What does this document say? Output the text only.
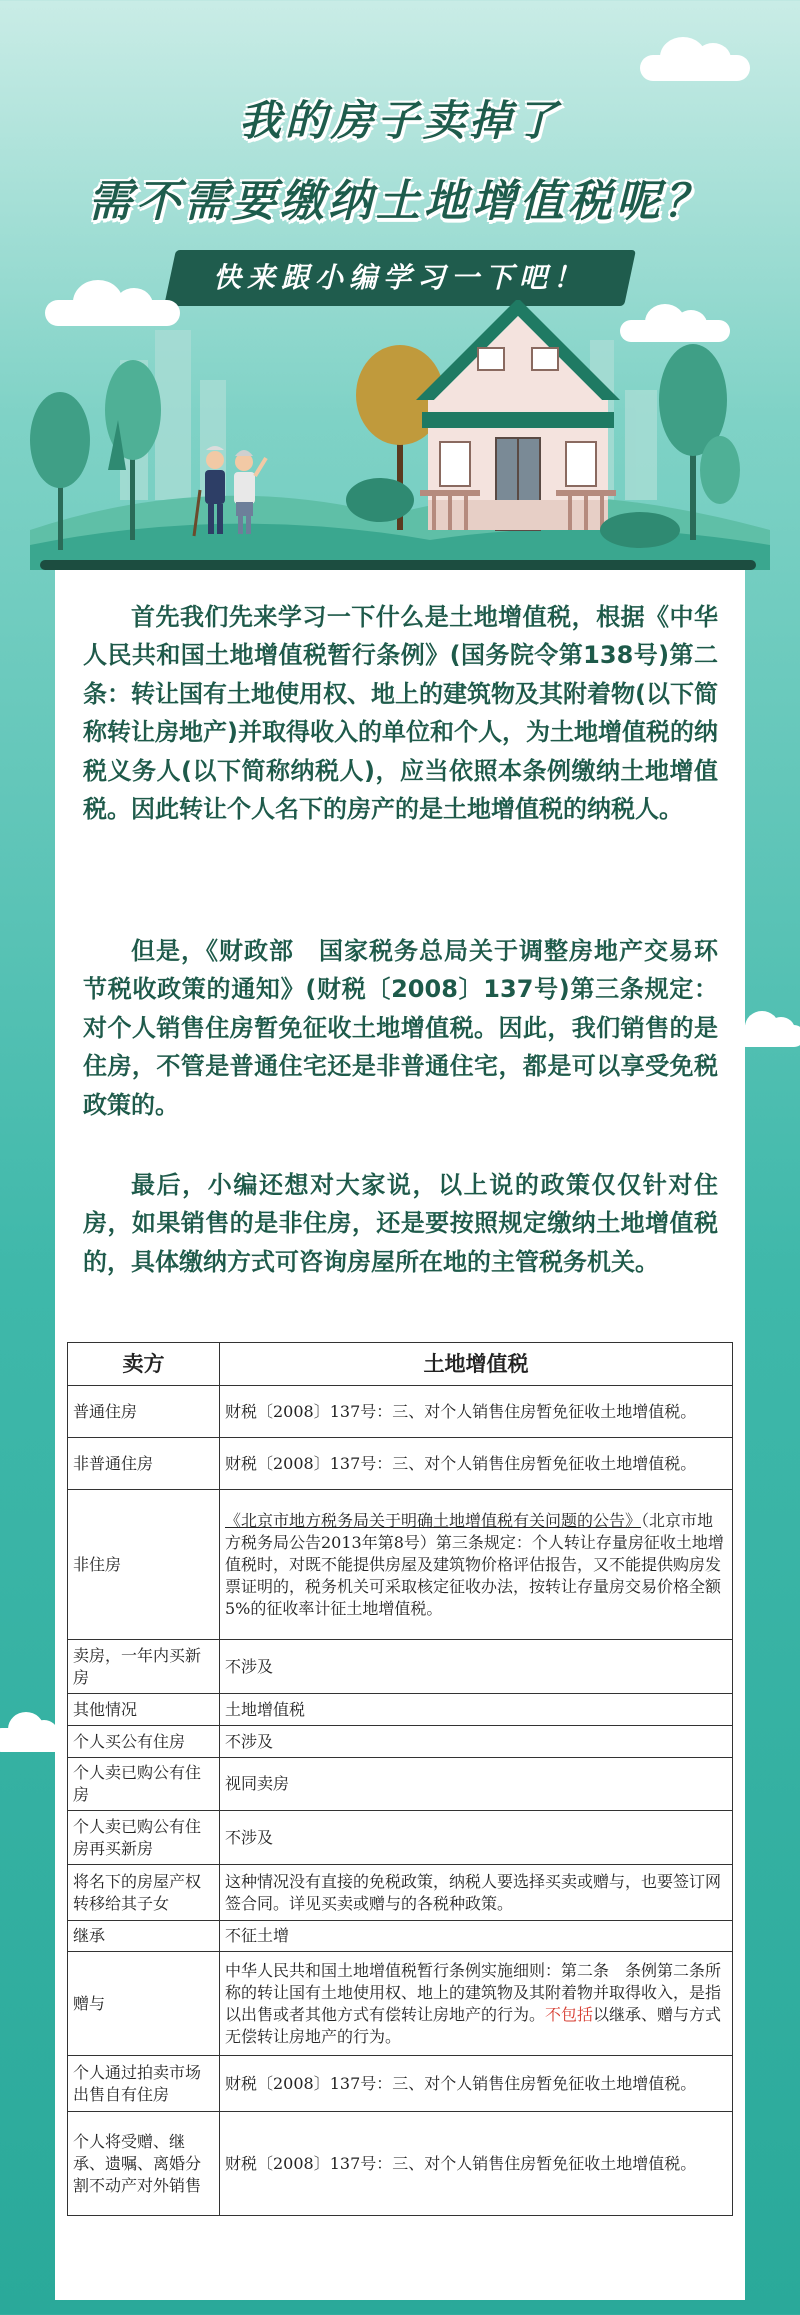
我的房子卖掉了
需不需要缴纳土地增值税呢？
快来跟小编学习一下吧！

首先我们先来学习一下什么是土地增值税，根据《中华人民共和国土地增值税暂行条例》(国务院令第138号)第二条：转让国有土地使用权、地上的建筑物及其附着物(以下简称转让房地产)并取得收入的单位和个人，为土地增值税的纳税义务人(以下简称纳税人)，应当依照本条例缴纳土地增值税。因此转让个人名下的房产的是土地增值税的纳税人。

但是，《财政部　国家税务总局关于调整房地产交易环节税收政策的通知》(财税〔2008〕137号)第三条规定：对个人销售住房暂免征收土地增值税。因此，我们销售的是住房，不管是普通住宅还是非普通住宅，都是可以享受免税政策的。

最后，小编还想对大家说，以上说的政策仅仅针对住房，如果销售的是非住房，还是要按照规定缴纳土地增值税的，具体缴纳方式可咨询房屋所在地的主管税务机关。

卖方	土地增值税
普通住房	财税〔2008〕137号：三、对个人销售住房暂免征收土地增值税。
非普通住房	财税〔2008〕137号：三、对个人销售住房暂免征收土地增值税。
非住房	《北京市地方税务局关于明确土地增值税有关问题的公告》（北京市地方税务局公告2013年第8号）第三条规定：个人转让存量房征收土地增值税时，对既不能提供房屋及建筑物价格评估报告，又不能提供购房发票证明的，税务机关可采取核定征收办法，按转让存量房交易价格全额5%的征收率计征土地增值税。
卖房，一年内买新房	不涉及
其他情况	土地增值税
个人买公有住房	不涉及
个人卖已购公有住房	视同卖房
个人卖已购公有住房再买新房	不涉及
将名下的房屋产权转移给其子女	这种情况没有直接的免税政策，纳税人要选择买卖或赠与，也要签订网签合同。详见买卖或赠与的各税种政策。
继承	不征土增
赠与	中华人民共和国土地增值税暂行条例实施细则：第二条　条例第二条所称的转让国有土地使用权、地上的建筑物及其附着物并取得收入，是指以出售或者其他方式有偿转让房地产的行为。不包括以继承、赠与方式无偿转让房地产的行为。
个人通过拍卖市场出售自有住房	财税〔2008〕137号：三、对个人销售住房暂免征收土地增值税。
个人将受赠、继承、遗嘱、离婚分割不动产对外销售	财税〔2008〕137号：三、对个人销售住房暂免征收土地增值税。
